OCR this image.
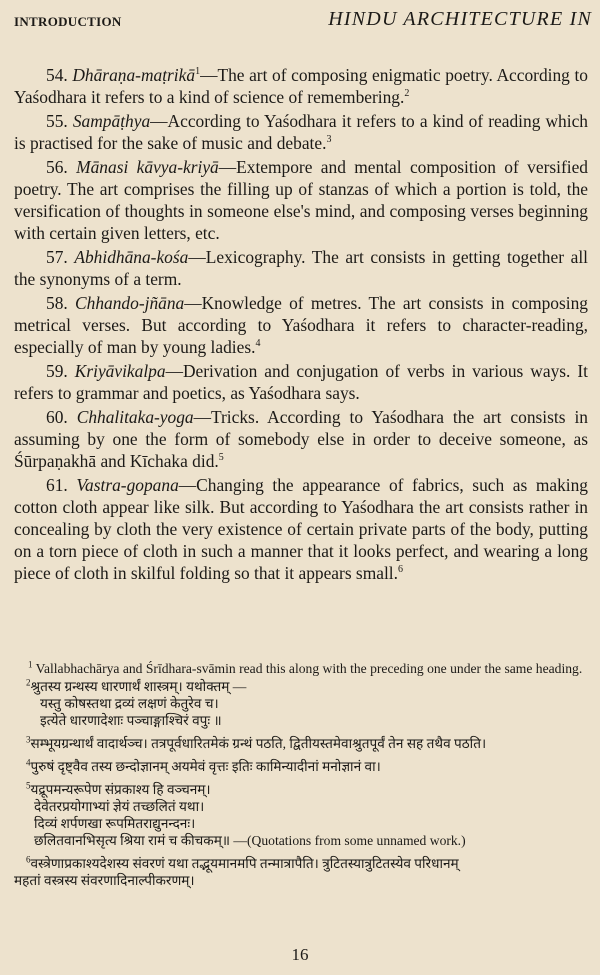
INTRODUCTION	HINDU ARCHITECTURE IN

54. Dhāraṇa-maṭrikā$^1$—The art of composing enigmatic poetry. According to Yaśodhara it refers to a kind of science of remembering.$^2$

55. Sampāṭhya—According to Yaśodhara it refers to a kind of reading which is practised for the sake of music and debate.$^3$

56. Mānasi kāvya-kriyā—Extempore and mental composition of versified poetry. The art comprises the filling up of stanzas of which a portion is told, the versification of thoughts in someone else's mind, and composing verses beginning with certain given letters, etc.

57. Abhidhāna-kośa—Lexicography. The art consists in getting together all the synonyms of a term.

58. Chhando-jñāna—Knowledge of metres. The art consists in composing metrical verses. But according to Yaśodhara it refers to character-reading, especially of man by young ladies.$^4$

59. Kriyāvikalpa—Derivation and conjugation of verbs in various ways. It refers to grammar and poetics, as Yaśodhara says.

60. Chhalitaka-yoga—Tricks. According to Yaśodhara the art consists in assuming by one the form of somebody else in order to deceive someone, as Śūrpaṇakhā and Kīchaka did.$^5$

61. Vastra-gopana—Changing the appearance of fabrics, such as making cotton cloth appear like silk. But according to Yaśodhara the art consists rather in concealing by cloth the very existence of certain private parts of the body, putting on a torn piece of cloth in such a manner that it looks perfect, and wearing a long piece of cloth in skilful folding so that it appears small.$^6$

$^1$ Vallabhachārya and Śrīdhara-svāmin read this along with the preceding one under the same heading.

$^2$श्रुतस्य ग्रन्थस्य धारणार्थं शास्त्रम्। यथोक्तम् —

यस्तु कोषस्तथा द्रव्यं लक्षणं केतुरेव च।

इत्येते धारणादेशाः पञ्चाङ्गाश्चिरं वपुः ॥

$^3$सम्भूयग्रन्थार्थं वादार्थञ्च। तत्रपूर्वधारितमेकं ग्रन्थं पठति, द्वितीयस्तमेवाश्रुतपूर्वं तेन सह तथैव पठति।

$^4$पुरुषं दृष्ट्वैव तस्य छन्दोज्ञानम् अयमेवं वृत्तः इतिः कामिन्यादीनां मनोज्ञानं वा।

$^5$यद्रूपमन्यरूपेण संप्रकाश्य हि वञ्चनम्।

देवेतरप्रयोगाभ्यां ज्ञेयं तच्छलितं यथा।

दिव्यं शर्पणखा रूपमितराद्युनन्दनः।

छलितवानभिसृत्य श्रिया रामं च कीचकम्॥ —(Quotations from some unnamed work.)

$^6$वस्त्रेणाप्रकाश्यदेशस्य संवरणं यथा तद्भूयमानमपि तन्मात्रापैति। त्रुटितस्यात्रुटितस्येव परिधानम्

महतां वस्त्रस्य संवरणादिनाल्पीकरणम्।

16
